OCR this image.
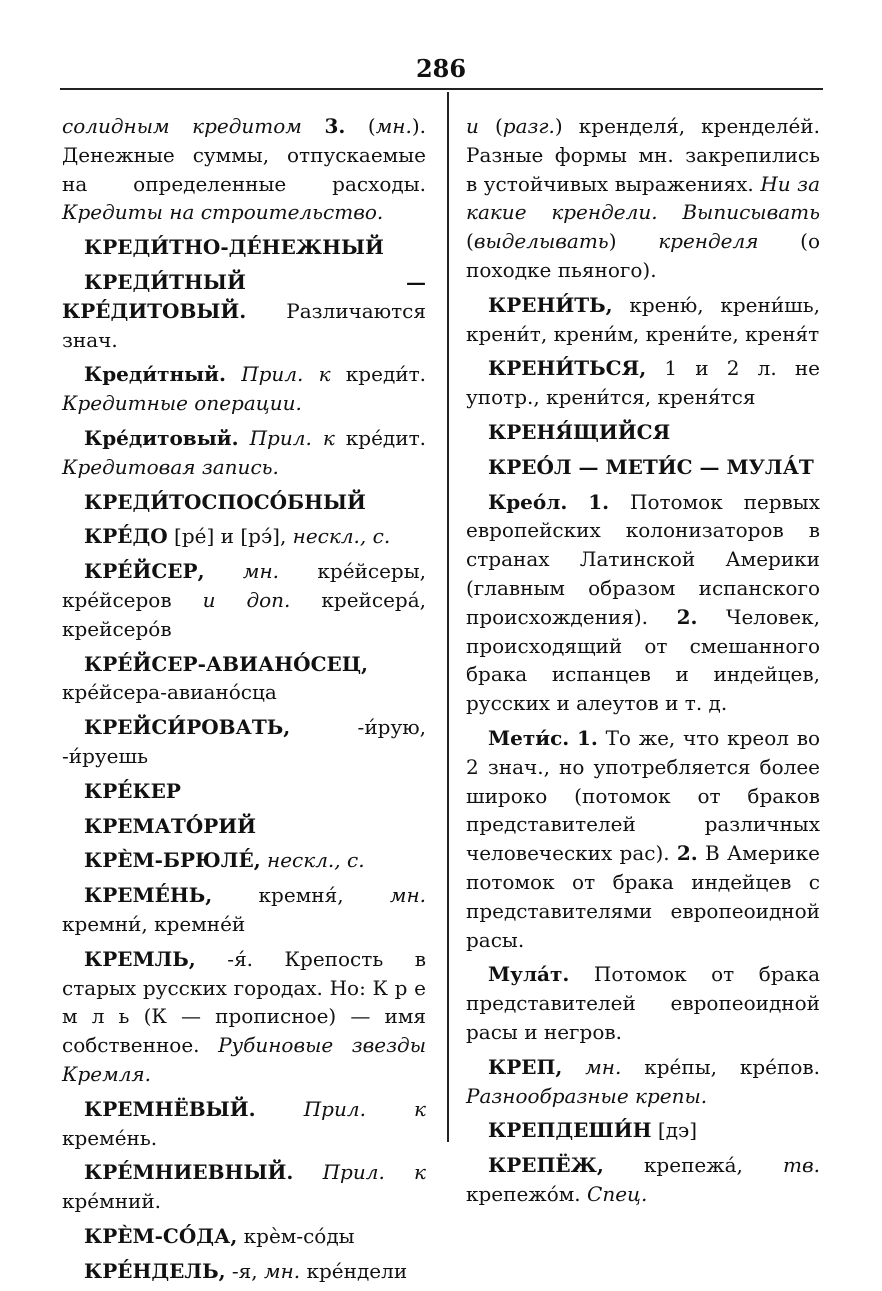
286

солидным кредитом 3. (мн.). Денежные суммы, отпускаемые на определенные расходы. Кредиты на строительство.

КРЕДИ́ТНО-ДЕ́НЕЖНЫЙ

КРЕДИ́ТНЫЙ — КРЕ́ДИТОВЫЙ. Различаются знач.

Креди́тный. Прил. к креди́т. Кредитные операции.

Кре́дитовый. Прил. к кре́дит. Кредитовая запись.

КРЕДИ́ТОСПОСО́БНЫЙ

КРЕ́ДО [ре́] и [рэ́], нескл., с.

КРЕ́ЙСЕР, мн. кре́йсеры, кре́йсеров и доп. крейсера́, крейсеро́в

КРЕ́ЙСЕР-АВИАНО́СЕЦ, кре́йсера-авиано́сца

КРЕЙСИ́РОВАТЬ, -и́рую, -и́руешь

КРЕ́КЕР

КРЕМАТО́РИЙ

КРЀМ-БРЮЛЕ́, нескл., с.

КРЕМЕ́НЬ, кремня́, мн. кремни́, кремне́й

КРЕМЛЬ, -я́. Крепость в старых русских городах. Но: К р е м л ь (К — прописное) — имя собственное. Рубиновые звезды Кремля.

КРЕМНЁВЫЙ. Прил. к креме́нь.

КРЕ́МНИЕВНЫЙ. Прил. к кре́мний.

КРЀМ-СО́ДА, крѐм-со́ды

КРЕ́НДЕЛЬ, -я, мн. кре́ндели

и (разг.) кренделя́, кренделе́й. Разные формы мн. закрепились в устойчивых выражениях. Ни за какие крендели. Выписывать (выделывать) кренделя (о походке пьяного).

КРЕНИ́ТЬ, креню́, крени́шь, крени́т, крени́м, крени́те, креня́т

КРЕНИ́ТЬСЯ, 1 и 2 л. не употр., крени́тся, креня́тся

КРЕНЯ́ЩИЙСЯ

КРЕО́Л — МЕТИ́С — МУЛА́Т

Крео́л. 1. Потомок первых европейских колонизаторов в странах Латинской Америки (главным образом испанского происхождения). 2. Человек, происходящий от смешанного брака испанцев и индейцев, русских и алеутов и т. д.

Мети́с. 1. То же, что креол во 2 знач., но употребляется более широко (потомок от браков представителей различных человеческих рас). 2. В Америке потомок от брака индейцев с представителями европеоидной расы.

Мула́т. Потомок от брака представителей европеоидной расы и негров.

КРЕП, мн. кре́пы, кре́пов. Разнообразные крепы.

КРЕПДЕШИ́Н [дэ]

КРЕПЁЖ, крепежа́, тв. крепежо́м. Спец.
